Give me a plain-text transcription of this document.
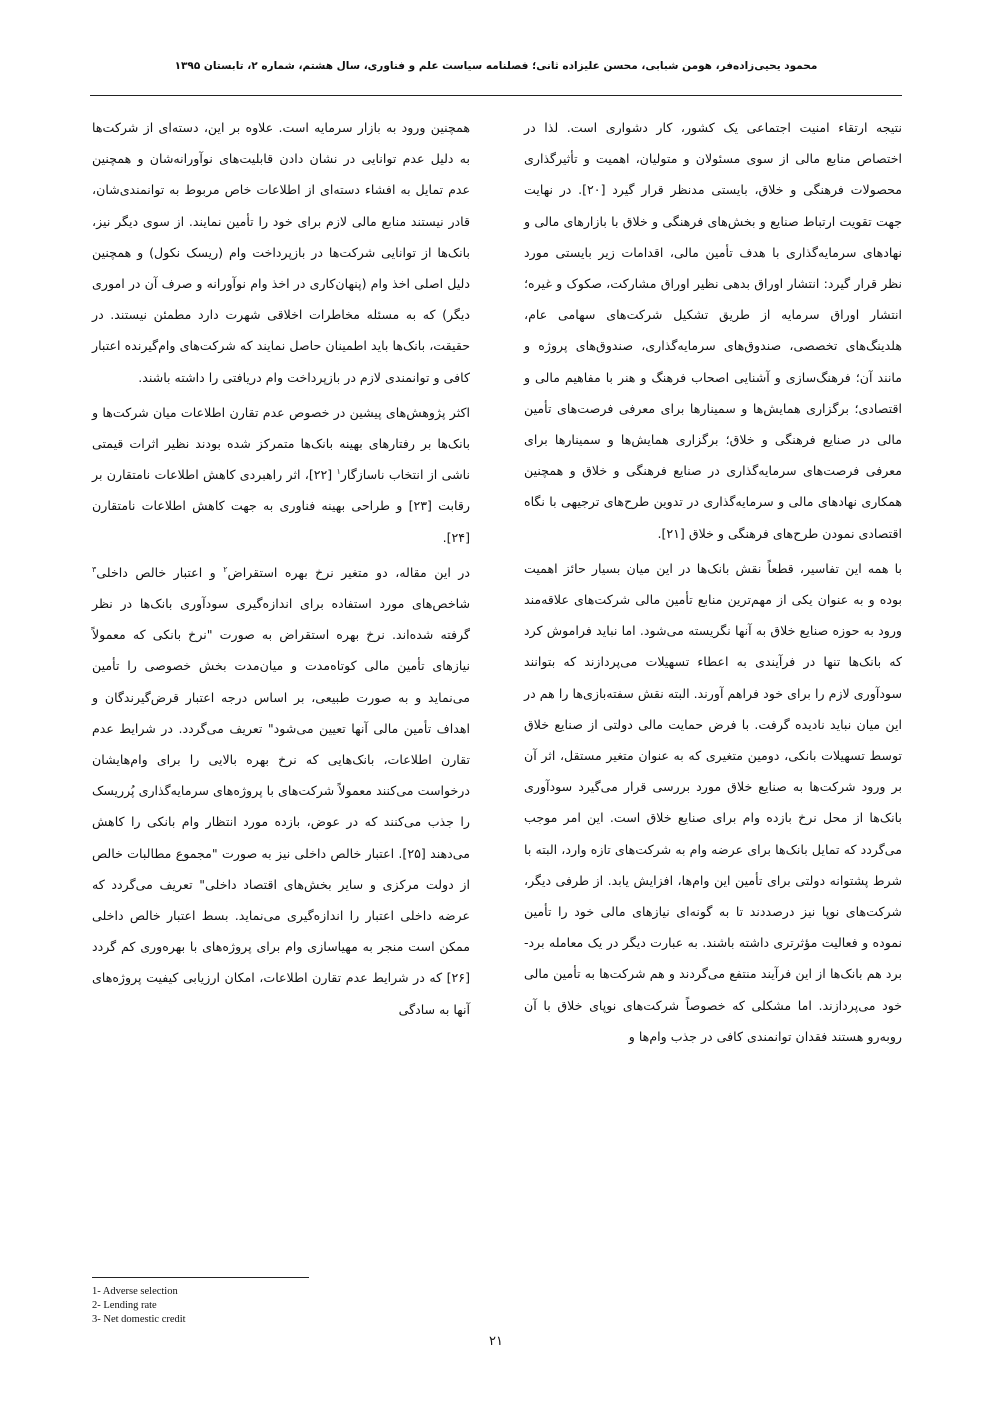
محمود یحیی‌زاده‌فر، هومن شبابی، محسن علیزاده ثانی؛ فصلنامه سیاست علم و فناوری، سال هشتم، شماره ۲، تابستان ۱۳۹۵

نتیجه ارتقاء امنیت اجتماعی یک کشور، کار دشواری است. لذا در اختصاص منابع مالی از سوی مسئولان و متولیان، اهمیت و تأثیرگذاری محصولات فرهنگی و خلاق، بایستی مدنظر قرار گیرد [۲۰]. در نهایت جهت تقویت ارتباط صنایع و بخش‌های فرهنگی و خلاق با بازارهای مالی و نهادهای سرمایه‌گذاری با هدف تأمین مالی، اقدامات زیر بایستی مورد نظر قرار گیرد: انتشار اوراق بدهی نظیر اوراق مشارکت، صکوک و غیره؛ انتشار اوراق سرمایه از طریق تشکیل شرکت‌های سهامی عام، هلدینگ‌های تخصصی، صندوق‌های سرمایه‌گذاری، صندوق‌های پروژه و مانند آن؛ فرهنگ‌سازی و آشنایی اصحاب فرهنگ و هنر با مفاهیم مالی و اقتصادی؛ برگزاری همایش‌ها و سمینارها برای معرفی فرصت‌های تأمین مالی در صنایع فرهنگی و خلاق؛ برگزاری همایش‌ها و سمینارها برای معرفی فرصت‌های سرمایه‌گذاری در صنایع فرهنگی و خلاق و همچنین همکاری نهادهای مالی و سرمایه‌گذاری در تدوین طرح‌های ترجیهی با نگاه اقتصادی نمودن طرح‌های فرهنگی و خلاق [۲۱].

با همه این تفاسیر، قطعاً نقش بانک‌ها در این میان بسیار حائز اهمیت بوده و به عنوان یکی از مهم‌ترین منابع تأمین مالی شرکت‌های علاقه‌مند ورود به حوزه صنایع خلاق به آنها نگریسته می‌شود. اما نباید فراموش کرد که بانک‌ها تنها در فرآیندی به اعطاء تسهیلات می‌پردازند که بتوانند سودآوری لازم را برای خود فراهم آورند. البته نقش سفته‌بازی‌ها را هم در این میان نباید نادیده گرفت. با فرض حمایت مالی دولتی از صنایع خلاق توسط تسهیلات بانکی، دومین متغیری که به عنوان متغیر مستقل، اثر آن بر ورود شرکت‌ها به صنایع خلاق مورد بررسی قرار می‌گیرد سودآوری بانک‌ها از محل نرخ بازده وام برای صنایع خلاق است. این امر موجب می‌گردد که تمایل بانک‌ها برای عرضه وام به شرکت‌های تازه وارد، البته با شرط پشتوانه دولتی برای تأمین این وام‌ها، افزایش یابد. از طرفی دیگر، شرکت‌های نوپا نیز درصددند تا به گونه‌ای نیازهای مالی خود را تأمین نموده و فعالیت مؤثرتری داشته باشند. به عبارت دیگر در یک معامله برد-برد هم بانک‌ها از این فرآیند منتفع می‌گردند و هم شرکت‌ها به تأمین مالی خود می‌پردازند. اما مشکلی که خصوصاً شرکت‌های نوپای خلاق با آن روبه‌رو هستند فقدان توانمندی کافی در جذب وام‌ها و

همچنین ورود به بازار سرمایه است. علاوه بر این، دسته‌ای از شرکت‌ها به دلیل عدم توانایی در نشان دادن قابلیت‌های نوآورانه‌شان و همچنین عدم تمایل به افشاء دسته‌ای از اطلاعات خاص مربوط به توانمندی‌شان، قادر نیستند منابع مالی لازم برای خود را تأمین نمایند. از سوی دیگر نیز، بانک‌ها از توانایی شرکت‌ها در بازپرداخت وام (ریسک نکول) و همچنین دلیل اصلی اخذ وام (پنهان‌کاری در اخذ وام نوآورانه و صرف آن در اموری دیگر) که به مسئله مخاطرات اخلاقی شهرت دارد مطمئن نیستند. در حقیقت، بانک‌ها باید اطمینان حاصل نمایند که شرکت‌های وام‌گیرنده اعتبار کافی و توانمندی لازم در بازپرداخت وام دریافتی را داشته باشند.

اکثر پژوهش‌های پیشین در خصوص عدم تقارن اطلاعات میان شرکت‌ها و بانک‌ها بر رفتارهای بهینه بانک‌ها متمرکز شده بودند نظیر اثرات قیمتی ناشی از انتخاب ناسازگار$^۱$ [۲۲]، اثر راهبردی کاهش اطلاعات نامتقارن بر رقابت [۲۳] و طراحی بهینه فناوری به جهت کاهش اطلاعات نامتقارن [۲۴].

در این مقاله، دو متغیر نرخ بهره استقراض$^۲$ و اعتبار خالص داخلی$^۳$ شاخص‌های مورد استفاده برای اندازه‌گیری سودآوری بانک‌ها در نظر گرفته شده‌اند. نرخ بهره استقراض به صورت "نرخ بانکی که معمولاً نیازهای تأمین مالی کوتاه‌مدت و میان‌مدت بخش خصوصی را تأمین می‌نماید و به صورت طبیعی، بر اساس درجه اعتبار قرض‌گیرندگان و اهداف تأمین مالی آنها تعیین می‌شود" تعریف می‌گردد. در شرایط عدم تقارن اطلاعات، بانک‌هایی که نرخ بهره بالایی را برای وام‌هایشان درخواست می‌کنند معمولاً شرکت‌های با پروژه‌های سرمایه‌گذاری پُرریسک را جذب می‌کنند که در عوض، بازده مورد انتظار وام بانکی را کاهش می‌دهند [۲۵]. اعتبار خالص داخلی نیز به صورت "مجموع مطالبات خالص از دولت مرکزی و سایر بخش‌های اقتصاد داخلی" تعریف می‌گردد که عرضه داخلی اعتبار را اندازه‌گیری می‌نماید. بسط اعتبار خالص داخلی ممکن است منجر به مهیاسازی وام برای پروژه‌های با بهره‌وری کم گردد [۲۶] که در شرایط عدم تقارن اطلاعات، امکان ارزیابی کیفیت پروژه‌های آنها به سادگی

1- Adverse selection
2- Lending rate
3- Net domestic credit
۲۱
